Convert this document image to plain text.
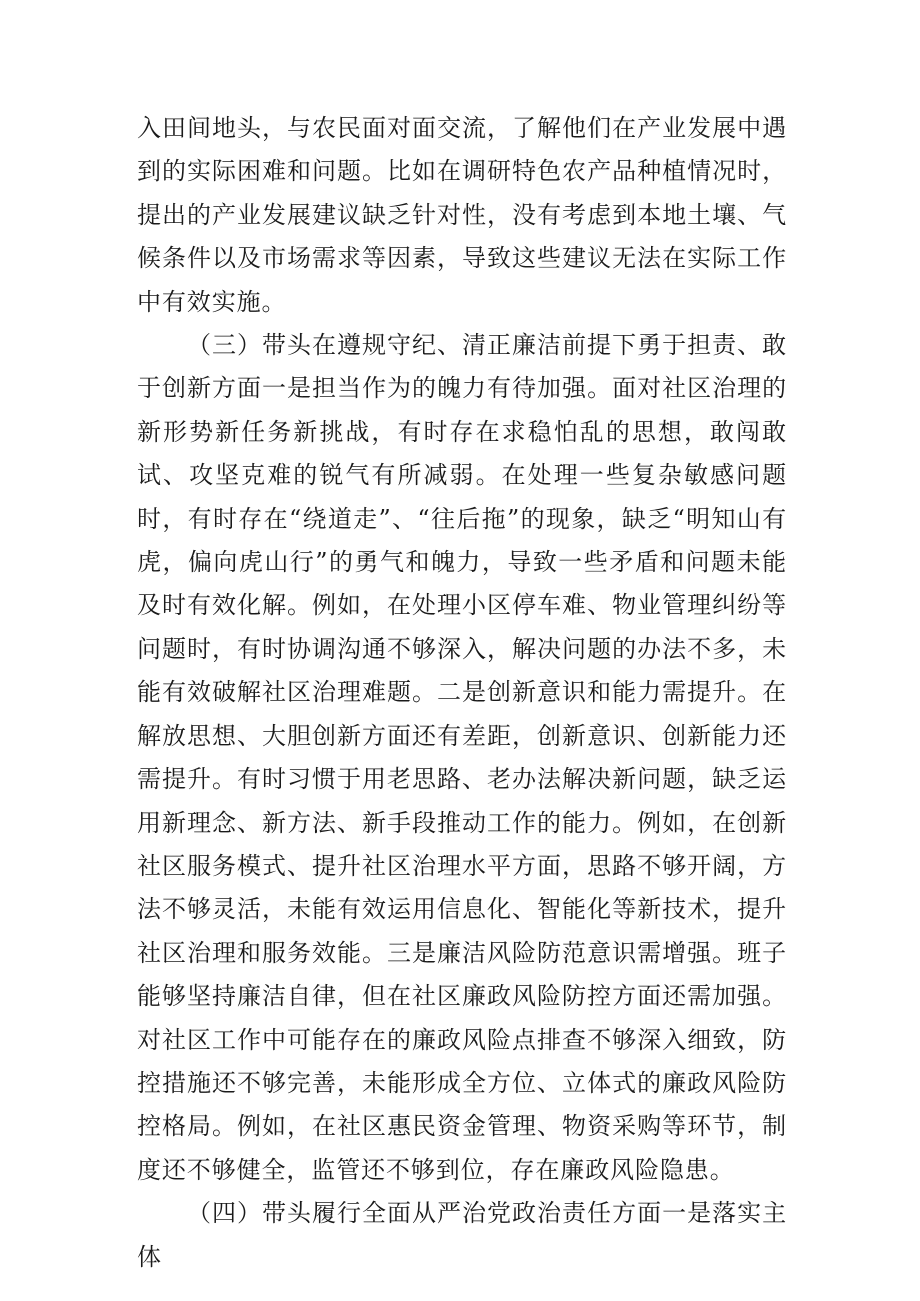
入田间地头，与农民面对面交流，了解他们在产业发展中遇到的实际困难和问题。比如在调研特色农产品种植情况时，提出的产业发展建议缺乏针对性，没有考虑到本地土壤、气候条件以及市场需求等因素，导致这些建议无法在实际工作中有效实施。

（三）带头在遵规守纪、清正廉洁前提下勇于担责、敢于创新方面一是担当作为的魄力有待加强。面对社区治理的新形势新任务新挑战，有时存在求稳怕乱的思想，敢闯敢试、攻坚克难的锐气有所减弱。在处理一些复杂敏感问题时，有时存在“绕道走”、“往后拖”的现象，缺乏“明知山有虎，偏向虎山行”的勇气和魄力，导致一些矛盾和问题未能及时有效化解。例如，在处理小区停车难、物业管理纠纷等问题时，有时协调沟通不够深入，解决问题的办法不多，未能有效破解社区治理难题。二是创新意识和能力需提升。在解放思想、大胆创新方面还有差距，创新意识、创新能力还需提升。有时习惯于用老思路、老办法解决新问题，缺乏运用新理念、新方法、新手段推动工作的能力。例如，在创新社区服务模式、提升社区治理水平方面，思路不够开阔，方法不够灵活，未能有效运用信息化、智能化等新技术，提升社区治理和服务效能。三是廉洁风险防范意识需增强。班子能够坚持廉洁自律，但在社区廉政风险防控方面还需加强。对社区工作中可能存在的廉政风险点排查不够深入细致，防控措施还不够完善，未能形成全方位、立体式的廉政风险防控格局。例如，在社区惠民资金管理、物资采购等环节，制度还不够健全，监管还不够到位，存在廉政风险隐患。

（四）带头履行全面从严治党政治责任方面一是落实主体
